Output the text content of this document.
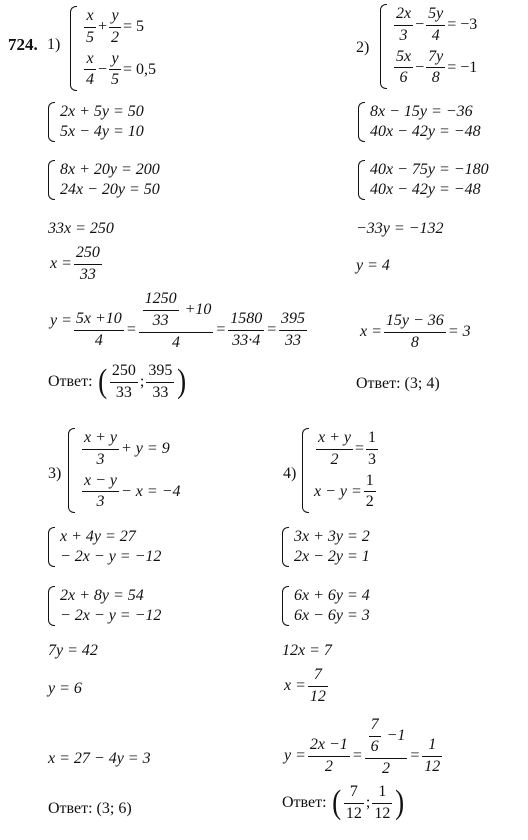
724. $1) \frac{x}{5} + \frac{y}{2} = 5$
$\frac{x}{4} - \frac{y}{5} = 0,5$
2x + 5y = 50
5x − 4y = 10
8x + 20y = 200
24x − 20y = 50
33x = 250
$x = \frac{250}{33}$
$y = \frac{5x +10}{4} = \frac{\frac{1250}{33} +10}{4} = \frac{1580}{33\cdot 4} = \frac{395}{33}$
Ответ: ( $\frac{250}{33}$ ; $\frac{395}{33}$ )
2)
$\frac{2x}{3} - \frac{5y}{4} = -3$
$\frac{5x}{6} - \frac{7y}{8} = -1$
8x − 15y = −36
40x − 42y = −48
40x − 75y = −180
40x − 42y = −48
−33y = −132
y = 4
$x = \frac{15y - 36}{8} = 3$
Ответ:
(3; 4)
3)
$\frac{x + y}{3} + y = 9$
$\frac{x - y}{3} - x = -4$
x + 4y = 27
− 2x − y = −12
2x + 8y = 54
− 2x − y = −12
7y = 42
y = 6
x = 27 − 4y = 3
Ответ:
(3; 6)
4)
$\frac{x + y}{2} = \frac{1}{3}$
$x - y = \frac{1}{2}$
3x + 3y = 2
2x − 2y = 1
6x + 6y = 4
6x − 6y = 3
12x = 7
$x = \frac{7}{12}$
$y = \frac{2x -1}{2} = \frac{\frac{7}{6} -1}{2} = \frac{1}{12}$
Ответ: ( $\frac{7}{12}$ ; $\frac{1}{12}$ )
